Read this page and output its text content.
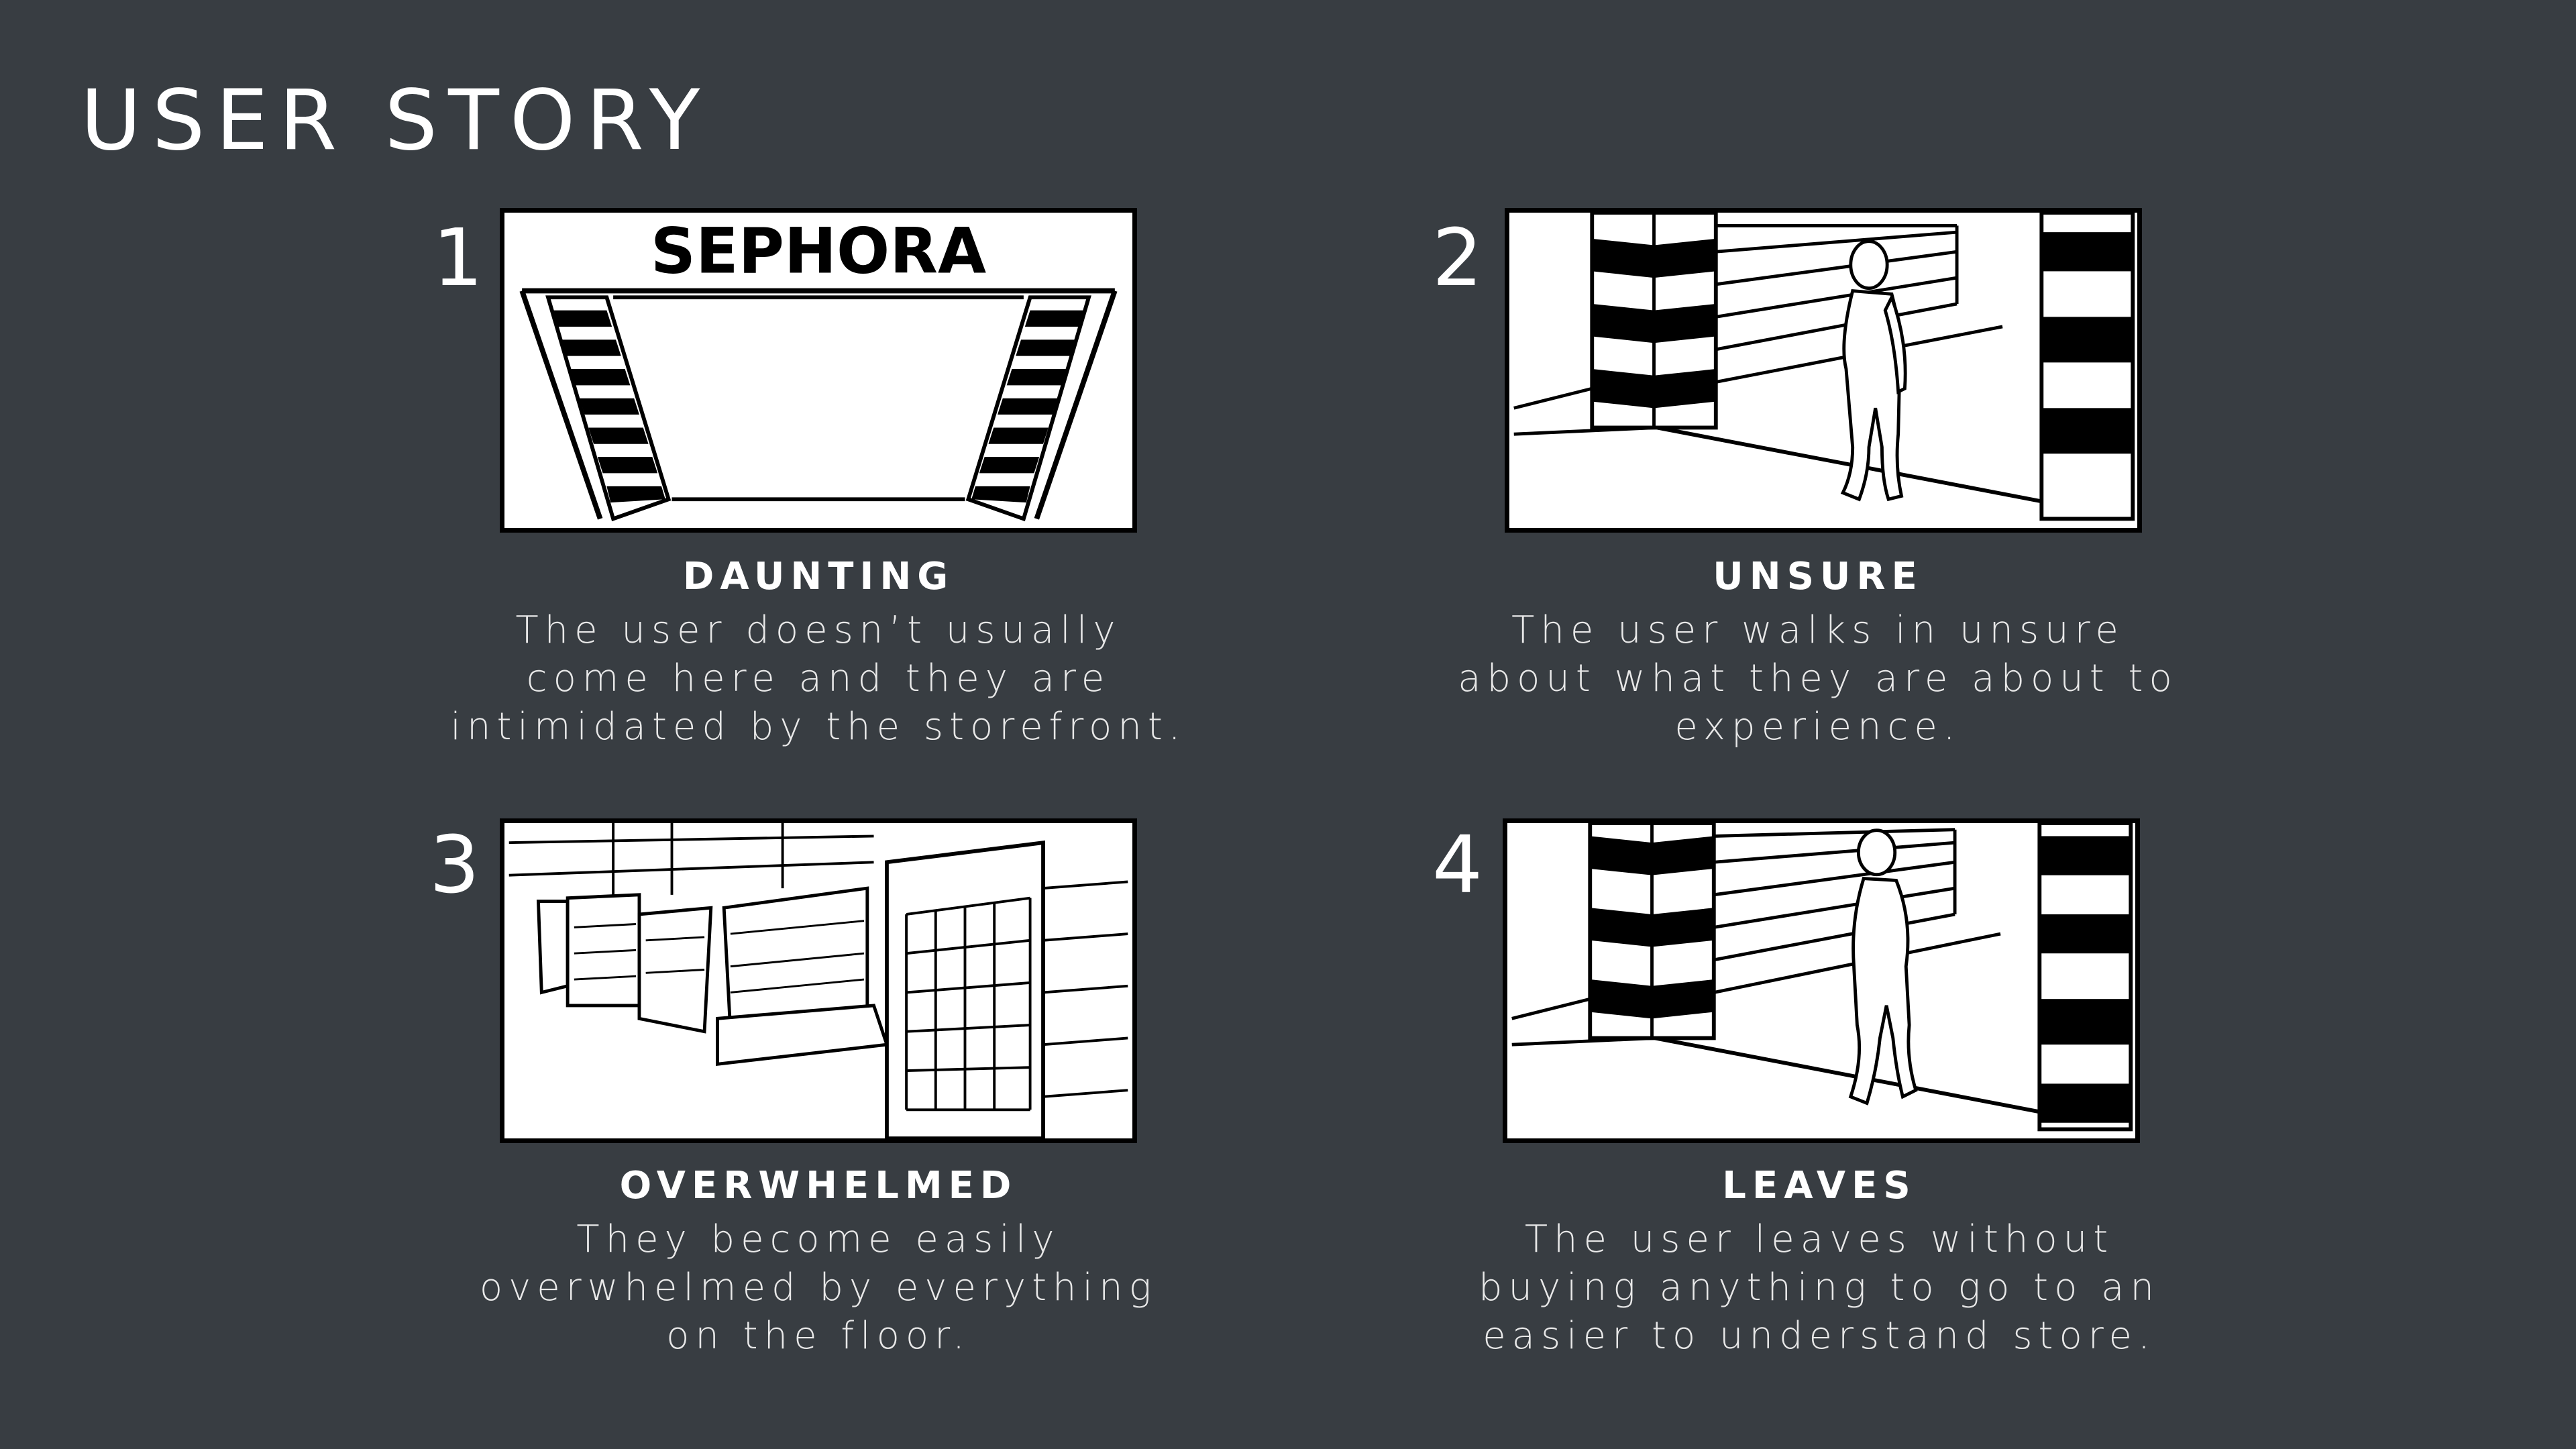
USER STORY
1	SEPHORA
DAUNTING
The user doesn’t usually
come here and they are
intimidated by the storefront.
2
UNSURE
The user walks in unsure
about what they are about to
experience.
3
OVERWHELMED
They become easily
overwhelmed by everything
on the floor.
4
LEAVES
The user leaves without
buying anything to go to an
easier to understand store.
